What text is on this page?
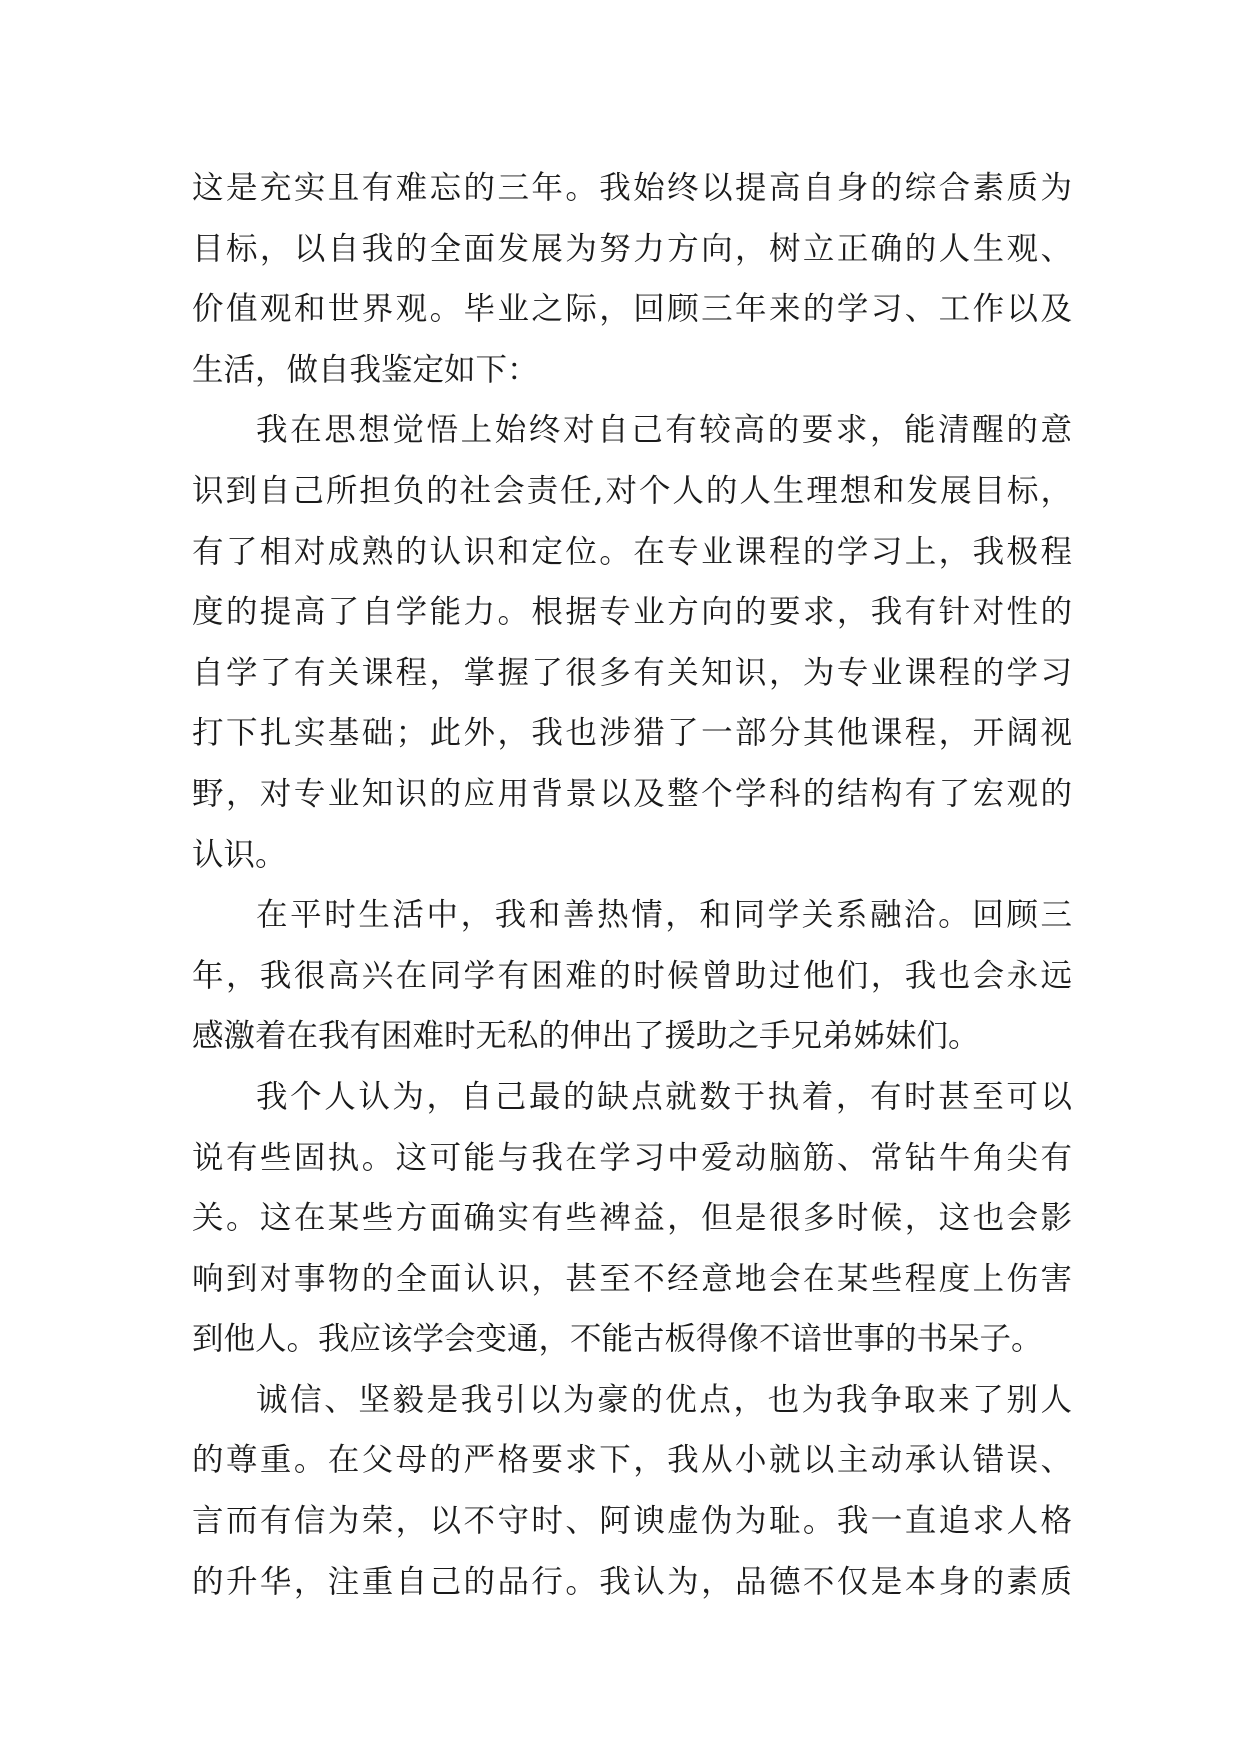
这是充实且有难忘的三年。我始终以提高自身的综合素质为
目标，以自我的全面发展为努力方向，树立正确的人生观、
价值观和世界观。毕业之际，回顾三年来的学习、工作以及
生活，做自我鉴定如下：
我在思想觉悟上始终对自己有较高的要求，能清醒的意
识到自己所担负的社会责任,对个人的人生理想和发展目标，
有了相对成熟的认识和定位。在专业课程的学习上，我极程
度的提高了自学能力。根据专业方向的要求，我有针对性的
自学了有关课程，掌握了很多有关知识，为专业课程的学习
打下扎实基础；此外，我也涉猎了一部分其他课程，开阔视
野，对专业知识的应用背景以及整个学科的结构有了宏观的
认识。
在平时生活中，我和善热情，和同学关系融洽。回顾三
年，我很高兴在同学有困难的时候曾助过他们，我也会永远
感激着在我有困难时无私的伸出了援助之手兄弟姊妹们。
我个人认为，自己最的缺点就数于执着，有时甚至可以
说有些固执。这可能与我在学习中爱动脑筋、常钻牛角尖有
关。这在某些方面确实有些裨益，但是很多时候，这也会影
响到对事物的全面认识，甚至不经意地会在某些程度上伤害
到他人。我应该学会变通，不能古板得像不谙世事的书呆子。
诚信、坚毅是我引以为豪的优点，也为我争取来了别人
的尊重。在父母的严格要求下，我从小就以主动承认错误、
言而有信为荣，以不守时、阿谀虚伪为耻。我一直追求人格
的升华，注重自己的品行。我认为，品德不仅是本身的素质
